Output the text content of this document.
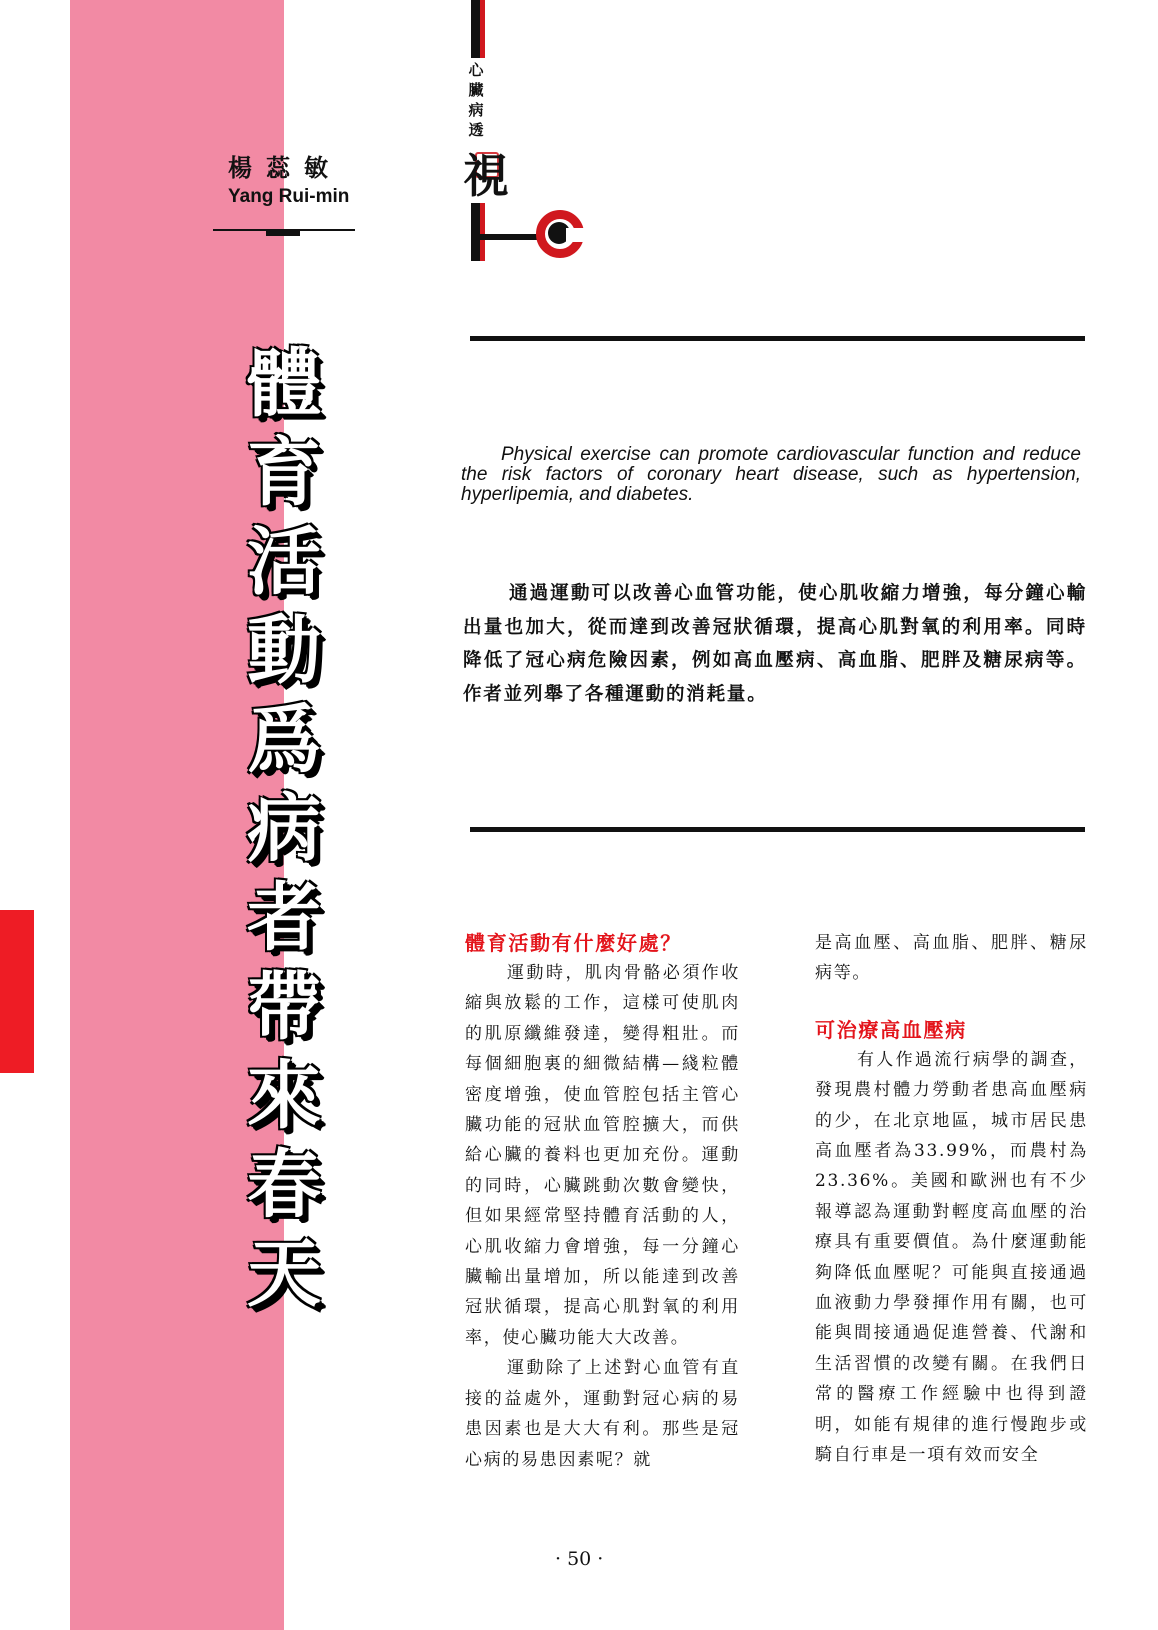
楊蕊敏
Yang Rui-min
體
育
活
動
爲
病
者
帶
來
春
天
心臟病透
視
Physical exercise can promote cardiovascular function and reduce the risk factors of coronary heart disease, such as hypertension, hyperlipemia, and diabetes.
通過運動可以改善心血管功能，使心肌收縮力增強，每分鐘心輸出量也加大，從而達到改善冠狀循環，提高心肌對氧的利用率。同時降低了冠心病危險因素，例如高血壓病、高血脂、肥胖及糖尿病等。作者並列舉了各種運動的消耗量。
體育活動有什麼好處？

運動時，肌肉骨骼必須作收縮與放鬆的工作，這樣可使肌肉的肌原纖維發達，變得粗壯。而每個細胞裏的細微結構—綫粒體密度增強，使血管腔包括主管心臟功能的冠狀血管腔擴大，而供給心臟的養料也更加充份。運動的同時，心臟跳動次數會變快，但如果經常堅持體育活動的人，心肌收縮力會增強，每一分鐘心臟輸出量增加，所以能達到改善冠狀循環，提高心肌對氧的利用率，使心臟功能大大改善。

運動除了上述對心血管有直接的益處外，運動對冠心病的易患因素也是大大有利。那些是冠心病的易患因素呢？就

是高血壓、高血脂、肥胖、糖尿病等。

可治療高血壓病

有人作過流行病學的調查，發現農村體力勞動者患高血壓病的少，在北京地區，城市居民患高血壓者為33.99%，而農村為23.36%。美國和歐洲也有不少報導認為運動對輕度高血壓的治療具有重要價值。為什麼運動能夠降低血壓呢？可能與直接通過血液動力學發揮作用有關，也可能與間接通過促進營養、代謝和生活習慣的改變有關。在我們日常的醫療工作經驗中也得到證明，如能有規律的進行慢跑步或騎自行車是一項有效而安全

· 50 ·
